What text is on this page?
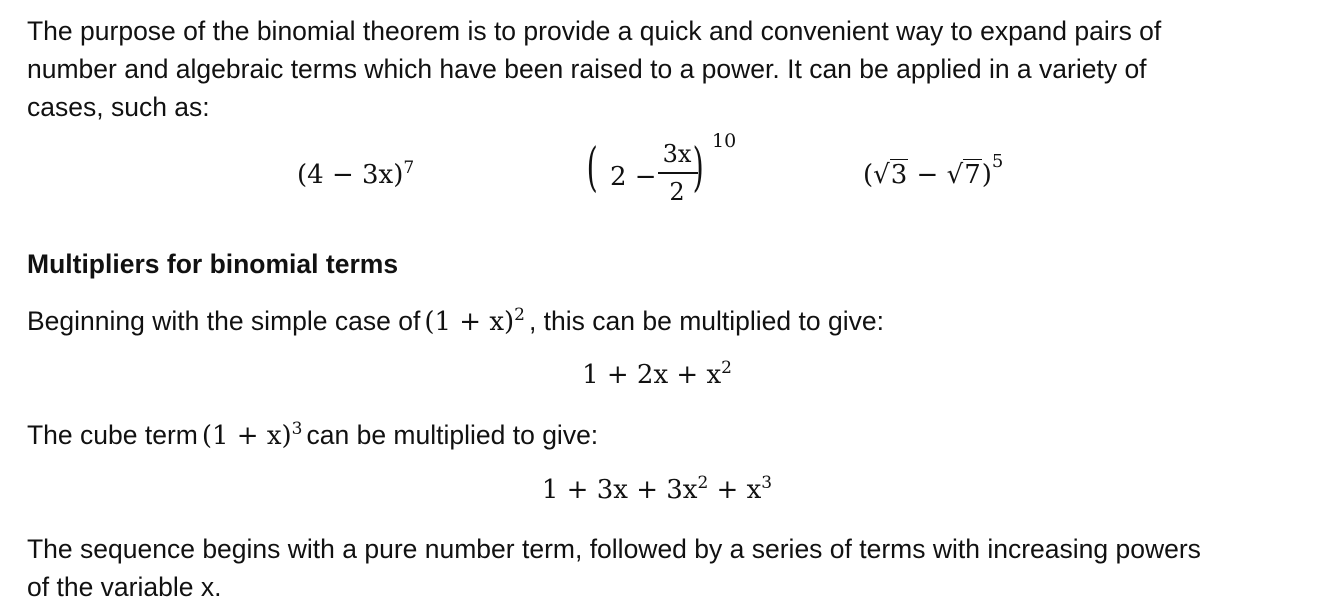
The purpose of the binomial theorem is to provide a quick and convenient way to expand pairs of
number and algebraic terms which have been raised to a power. It can be applied in a variety of
cases, such as:

$(4 - 3x)^7$	( 2 −
3x
2 ) 10
$(√3 - √7)^5$
Multipliers for binomial terms

Beginning with the simple case of $(1 + x)^2$ , this can be multiplied to give:

$1 + 2x + x^2$

The cube term $(1 + x)^3$ can be multiplied to give:

$1 + 3x + 3x^2 + x^3$

The sequence begins with a pure number term, followed by a series of terms with increasing powers
of the variable x.
